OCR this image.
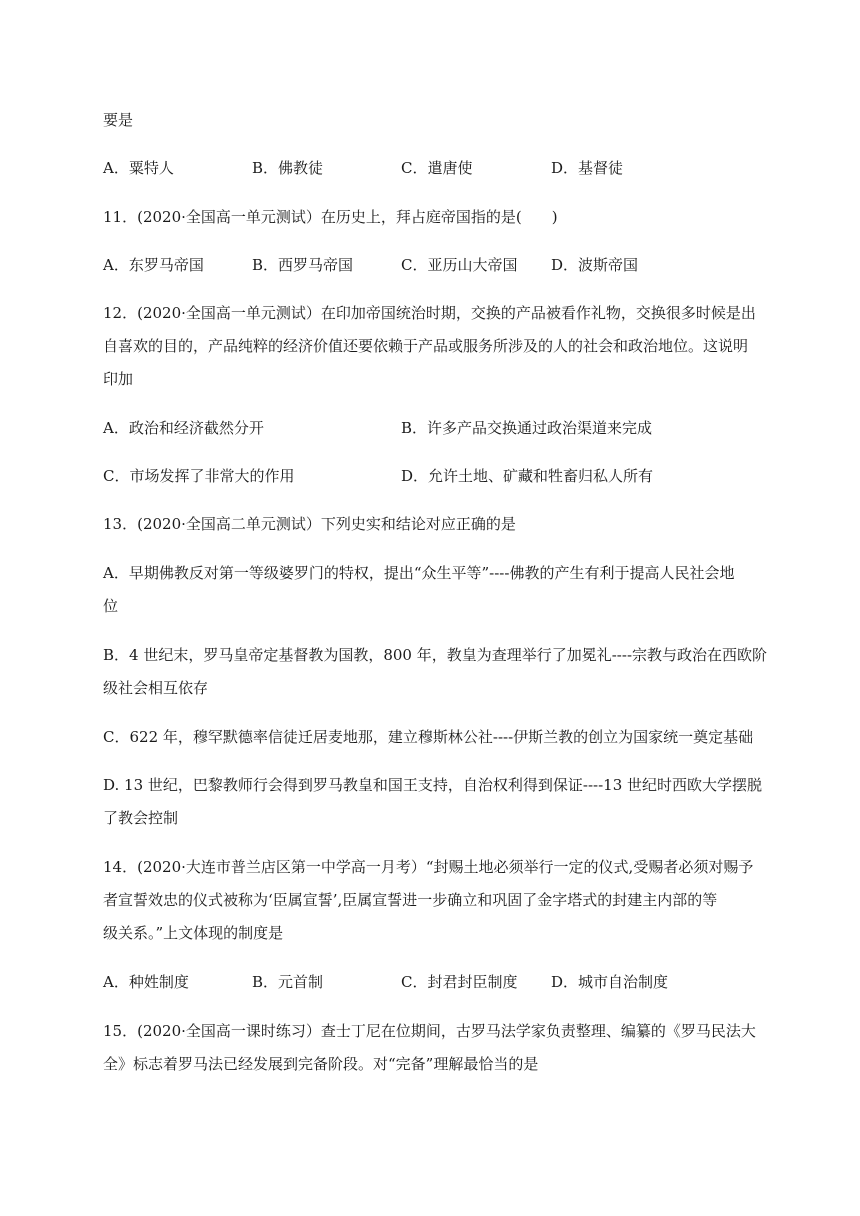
要是
A．粟特人	B．佛教徒	C．遣唐使	D．基督徒
11．(2020·全国高一单元测试）在历史上，拜占庭帝国指的是(　　)
A．东罗马帝国	B．西罗马帝国	C．亚历山大帝国 D．波斯帝国
12．(2020·全国高一单元测试）在印加帝国统治时期，交换的产品被看作礼物，交换很多时候是出
自喜欢的目的，产品纯粹的经济价值还要依赖于产品或服务所涉及的人的社会和政治地位。这说明
印加
A．政治和经济截然分开	B．许多产品交换通过政治渠道来完成
C．市场发挥了非常大的作用	D．允许土地、矿藏和牲畜归私人所有
13．(2020·全国高二单元测试）下列史实和结论对应正确的是
A．早期佛教反对第一等级婆罗门的特权，提出“众生平等”----佛教的产生有利于提高人民社会地
位
B．4 世纪末，罗马皇帝定基督教为国教，800 年，教皇为查理举行了加冕礼----宗教与政治在西欧阶
级社会相互依存
C．622 年，穆罕默德率信徒迁居麦地那，建立穆斯林公社----伊斯兰教的创立为国家统一奠定基础
D. 13 世纪，巴黎教师行会得到罗马教皇和国王支持，自治权利得到保证----13 世纪时西欧大学摆脱
了教会控制
14．(2020·大连市普兰店区第一中学高一月考）“封赐土地必须举行一定的仪式,受赐者必须对赐予
者宣誓效忠的仪式被称为‘臣属宣誓’,臣属宣誓进一步确立和巩固了金字塔式的封建主内部的等
级关系。”上文体现的制度是
A．种姓制度	B．元首制	C．封君封臣制度 D．城市自治制度
15．(2020·全国高一课时练习）查士丁尼在位期间，古罗马法学家负责整理、编纂的《罗马民法大
全》标志着罗马法已经发展到完备阶段。对“完备”理解最恰当的是
